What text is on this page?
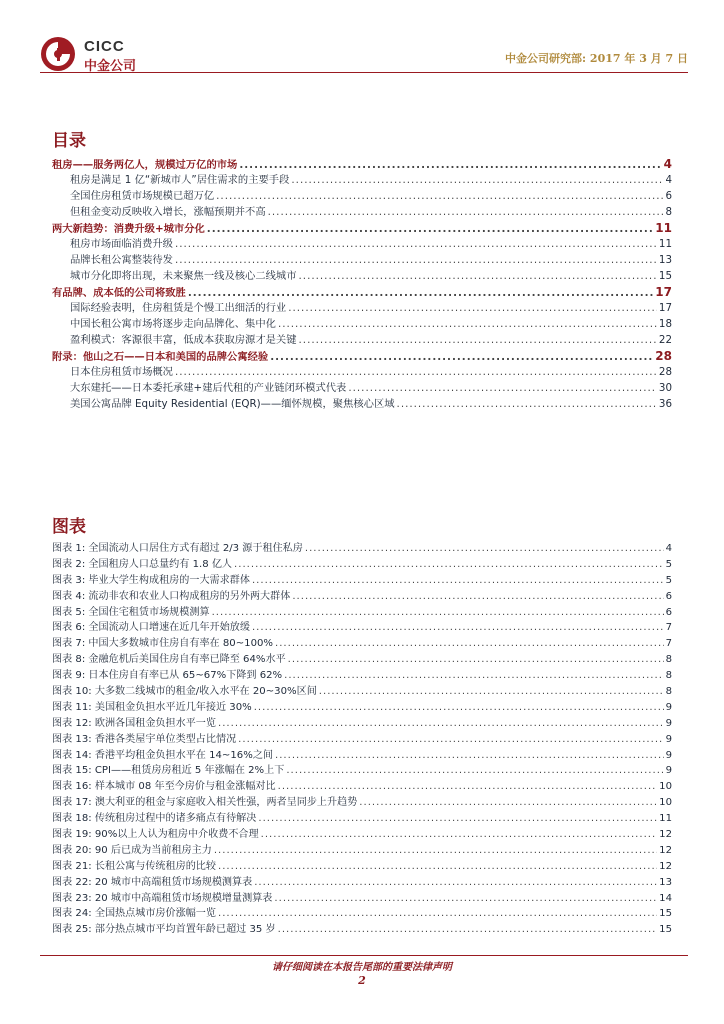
CICC
中金公司
中金公司研究部: 2017 年 3 月 7 日
目录
租房——服务两亿人，规模过万亿的市场 .....	4
租房是满足 1 亿“新城市人”居住需求的主要手段 .....	4
全国住房租赁市场规模已超万亿 .....	6
但租金变动反映收入增长，涨幅预期并不高 .....	8
两大新趋势：消费升级+城市分化 .....	11
租房市场面临消费升级 .....	11
品牌长租公寓整装待发 .....	13
城市分化即将出现，未来聚焦一线及核心二线城市 .....	15
有品牌、成本低的公司将致胜 .....	17
国际经验表明，住房租赁是个慢工出细活的行业 .....	17
中国长租公寓市场将逐步走向品牌化、集中化 .....	18
盈利模式：客源很丰富，低成本获取房源才是关键 .....	22
附录：他山之石——日本和美国的品牌公寓经验 .....	28
日本住房租赁市场概况 .....	28
大东建托——日本委托承建+建后代租的产业链闭环模式代表 .....	30
美国公寓品牌 Equity Residential (EQR)——缅怀规模，聚焦核心区域 .....	36
图表
图表 1: 全国流动人口居住方式有超过 2/3 源于租住私房 .....	4
图表 2: 全国租房人口总量约有 1.8 亿人 .....	5
图表 3: 毕业大学生构成租房的一大需求群体 .....	5
图表 4: 流动非农和农业人口构成租房的另外两大群体 .....	6
图表 5: 全国住宅租赁市场规模测算 .....	6
图表 6: 全国流动人口增速在近几年开始放缓 .....	7
图表 7: 中国大多数城市住房自有率在 80~100% .....	7
图表 8: 金融危机后美国住房自有率已降至 64%水平 .....	8
图表 9: 日本住房自有率已从 65~67%下降到 62% .....	8
图表 10: 大多数二线城市的租金/收入水平在 20~30%区间 .....	8
图表 11: 美国租金负担水平近几年接近 30% .....	9
图表 12: 欧洲各国租金负担水平一览 .....	9
图表 13: 香港各类屋宇单位类型占比情况 .....	9
图表 14: 香港平均租金负担水平在 14~16%之间 .....	9
图表 15: CPI——租赁房房租近 5 年涨幅在 2%上下 .....	9
图表 16: 样本城市 08 年至今房价与租金涨幅对比 .....	10
图表 17: 澳大利亚的租金与家庭收入相关性强，两者呈同步上升趋势 .....	10
图表 18: 传统租房过程中的诸多痛点有待解决 .....	11
图表 19: 90%以上人认为租房中介收费不合理 .....	12
图表 20: 90 后已成为当前租房主力 .....	12
图表 21: 长租公寓与传统租房的比较 .....	12
图表 22: 20 城市中高端租赁市场规模测算表 .....	13
图表 23: 20 城市中高端租赁市场规模增量测算表 .....	14
图表 24: 全国热点城市房价涨幅一览 .....	15
图表 25: 部分热点城市平均首置年龄已超过 35 岁 .....	15
请仔细阅读在本报告尾部的重要法律声明
2
